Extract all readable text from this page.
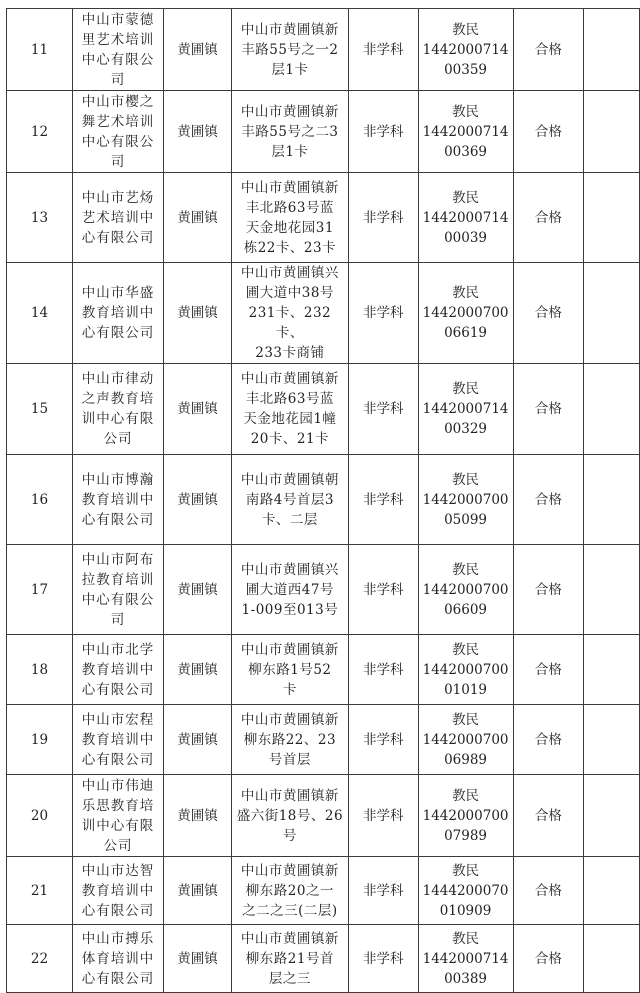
11	中山市蒙德
里艺术培训
中心有限公
司	黄圃镇	中山市黄圃镇新
丰路55号之一2
层1卡	非学科	教民
1442000714
00359	合格	

12	中山市樱之
舞艺术培训
中心有限公
司	黄圃镇	中山市黄圃镇新
丰路55号之二3
层1卡	非学科	教民
1442000714
00369	合格	

13	中山市艺炀
艺术培训中
心有限公司	黄圃镇	中山市黄圃镇新
丰北路63号蓝
天金地花园31
栋22卡、23卡	非学科	教民
1442000714
00039	合格	

14	中山市华盛
教育培训中
心有限公司	黄圃镇	中山市黄圃镇兴
圃大道中38号
231卡、232卡、
233卡商铺	非学科	教民
1442000700
06619	合格	

15	中山市律动
之声教育培
训中心有限
公司	黄圃镇	中山市黄圃镇新
丰北路63号蓝
天金地花园1幢
20卡、21卡	非学科	教民
1442000714
00329	合格	

16	中山市博瀚
教育培训中
心有限公司	黄圃镇	中山市黄圃镇朝
南路4号首层3
卡、二层	非学科	教民
1442000700
05099	合格	

17	中山市阿布
拉教育培训
中心有限公
司	黄圃镇	中山市黄圃镇兴
圃大道西47号
1-009至013号	非学科	教民
1442000700
06609	合格	

18	中山市北学
教育培训中
心有限公司	黄圃镇	中山市黄圃镇新
柳东路1号52
卡	非学科	教民
1442000700
01019	合格	

19	中山市宏程
教育培训中
心有限公司	黄圃镇	中山市黄圃镇新
柳东路22、23
号首层	非学科	教民
1442000700
06989	合格	

20	中山市伟迪
乐思教育培
训中心有限
公司	黄圃镇	中山市黄圃镇新
盛六街18号、26
号	非学科	教民
1442000700
07989	合格	

21	中山市达智
教育培训中
心有限公司	黄圃镇	中山市黄圃镇新
柳东路20之一
之二之三(二层)	非学科	教民
1444200070
010909	合格	

22	中山市搏乐
体育培训中
心有限公司	黄圃镇	中山市黄圃镇新
柳东路21号首
层之三	非学科	教民
1442000714
00389	合格	
